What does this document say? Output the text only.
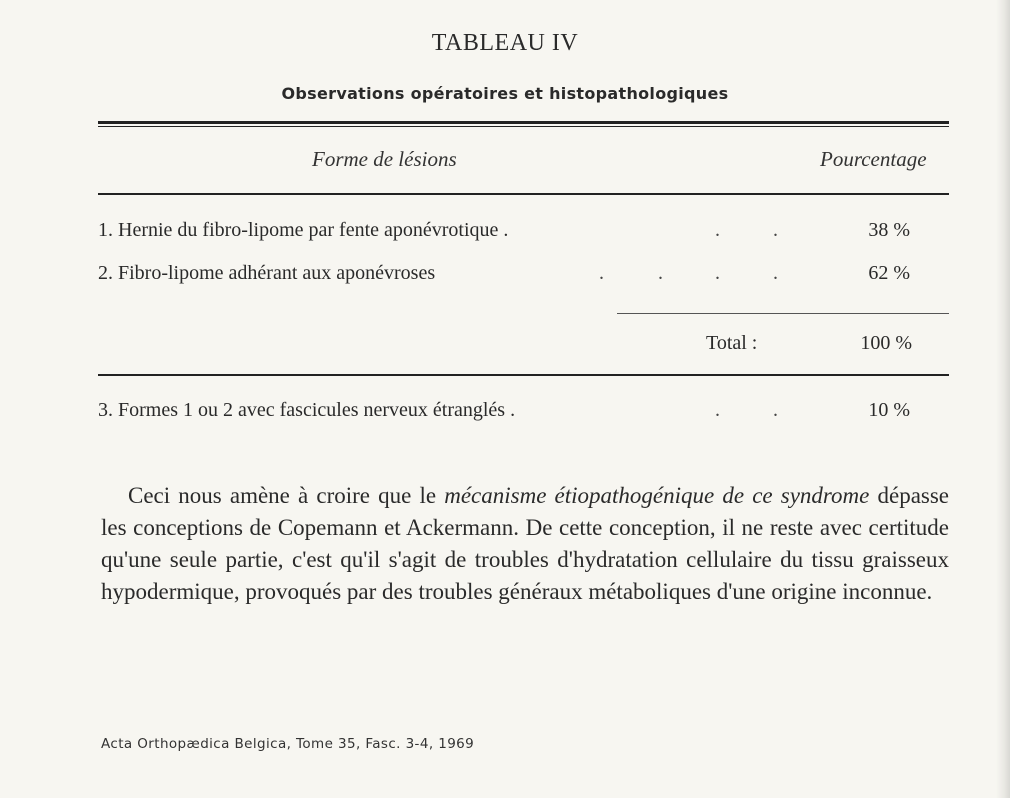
TABLEAU IV
Observations opératoires et histopathologiques
Forme de lésions	Pourcentage
1. Hernie du fibro-lipome par fente aponévrotique .	.	.	38 %
2. Fibro-lipome adhérant aux aponévroses	.	.	.	.	62 %
Total :	100 %
3. Formes 1 ou 2 avec fascicules nerveux étranglés .	.	.	10 %
Ceci nous amène à croire que le mécanisme étiopathogénique de ce syndrome dépasse les conceptions de Copemann et Ackermann. De cette conception, il ne reste avec certitude qu'une seule partie, c'est qu'il s'agit de troubles d'hydratation cellulaire du tissu graisseux hypodermique, provoqués par des troubles généraux métaboliques d'une origine inconnue.
Acta Orthopædica Belgica, Tome 35, Fasc. 3-4, 1969
